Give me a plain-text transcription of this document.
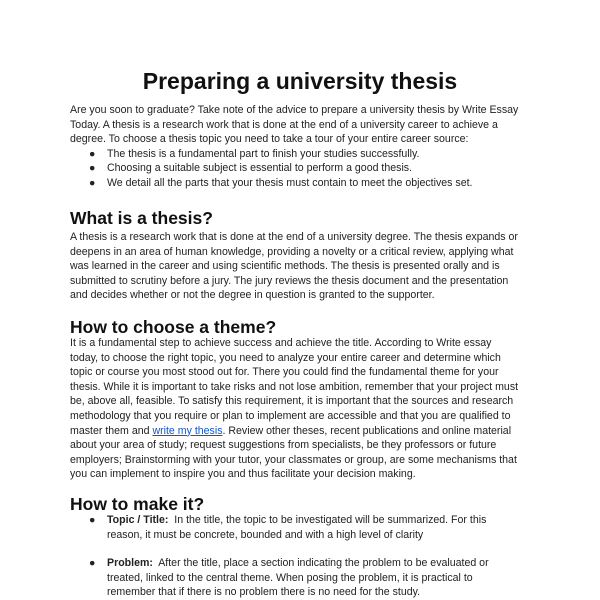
Preparing a university thesis
Are you soon to graduate? Take note of the advice to prepare a university thesis by Write Essay
Today. A thesis is a research work that is done at the end of a university career to achieve a
degree. To choose a thesis topic you need to take a tour of your entire career source:
● The thesis is a fundamental part to finish your studies successfully.
● Choosing a suitable subject is essential to perform a good thesis.
● We detail all the parts that your thesis must contain to meet the objectives set.
What is a thesis?
A thesis is a research work that is done at the end of a university degree. The thesis expands or
deepens in an area of human knowledge, providing a novelty or a critical review, applying what
was learned in the career and using scientific methods. The thesis is presented orally and is
submitted to scrutiny before a jury. The jury reviews the thesis document and the presentation
and decides whether or not the degree in question is granted to the supporter.
How to choose a theme?
It is a fundamental step to achieve success and achieve the title. According to Write essay
today, to choose the right topic, you need to analyze your entire career and determine which
topic or course you most stood out for. There you could find the fundamental theme for your
thesis. While it is important to take risks and not lose ambition, remember that your project must
be, above all, feasible. To satisfy this requirement, it is important that the sources and research
methodology that you require or plan to implement are accessible and that you are qualified to
master them and write my thesis. Review other theses, recent publications and online material
about your area of study; request suggestions from specialists, be they professors or future
employers; Brainstorming with your tutor, your classmates or group, are some mechanisms that
you can implement to inspire you and thus facilitate your decision making.
How to make it?
●	Topic / Title: In the title, the topic to be investigated will be summarized. For this
reason, it must be concrete, bounded and with a high level of clarity
●	Problem: After the title, place a section indicating the problem to be evaluated or
treated, linked to the central theme. When posing the problem, it is practical to
remember that if there is no problem there is no need for the study.
